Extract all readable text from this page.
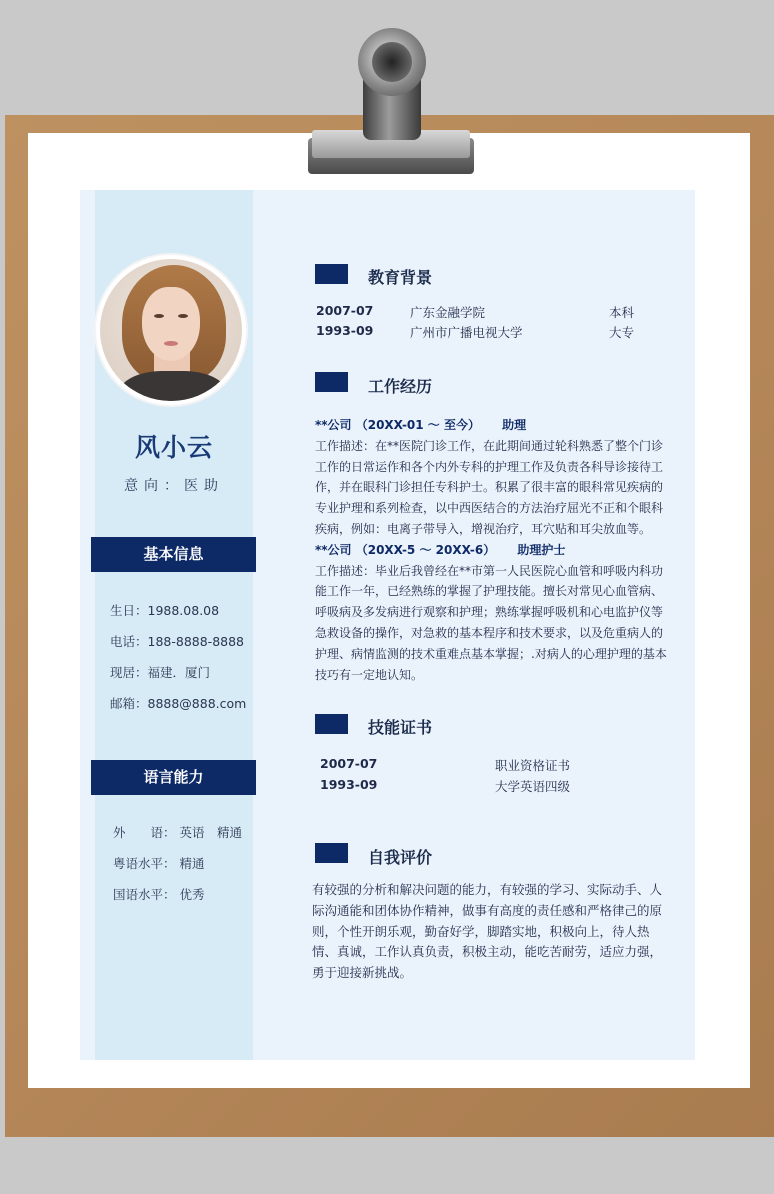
风小云
意向：医助
基本信息
生日：1988.08.08
电话：188-8888-8888
现居：福建．厦门
邮箱：8888@888.com
语言能力
外　　语： 英语　精通
粤语水平： 精通
国语水平： 优秀
教育背景
2007-07	广东金融学院	本科
1993-09	广州市广播电视大学	大专
工作经历

**公司 （20XX-01 ～ 至今）　　 助理

工作描述：在**医院门诊工作，在此期间通过轮科熟悉了整个门诊工作的日常运作和各个内外专科的护理工作及负责各科导诊接待工作，并在眼科门诊担任专科护士。积累了很丰富的眼科常见疾病的专业护理和系列检查，以中西医结合的方法治疗屈光不正和个眼科疾病，例如：电离子带导入，增视治疗，耳穴贴和耳尖放血等。

**公司 （20XX-5 ～ 20XX-6）　　 助理护士

工作描述：毕业后我曾经在**市第一人民医院心血管和呼吸内科功能工作一年，已经熟练的掌握了护理技能。擅长对常见心血管病、呼吸病及多发病进行观察和护理；熟练掌握呼吸机和心电监护仪等急救设备的操作，对急救的基本程序和技术要求，以及危重病人的护理、病情监测的技术重难点基本掌握；.对病人的心理护理的基本技巧有一定地认知。

技能证书
2007-07	职业资格证书
1993-09	大学英语四级
自我评价
有较强的分析和解决问题的能力，有较强的学习、实际动手、人际沟通能和团体协作精神，做事有高度的责任感和严格律己的原则，个性开朗乐观，勤奋好学，脚踏实地，积极向上，待人热情、真诚，工作认真负责，积极主动，能吃苦耐劳，适应力强，勇于迎接新挑战。
